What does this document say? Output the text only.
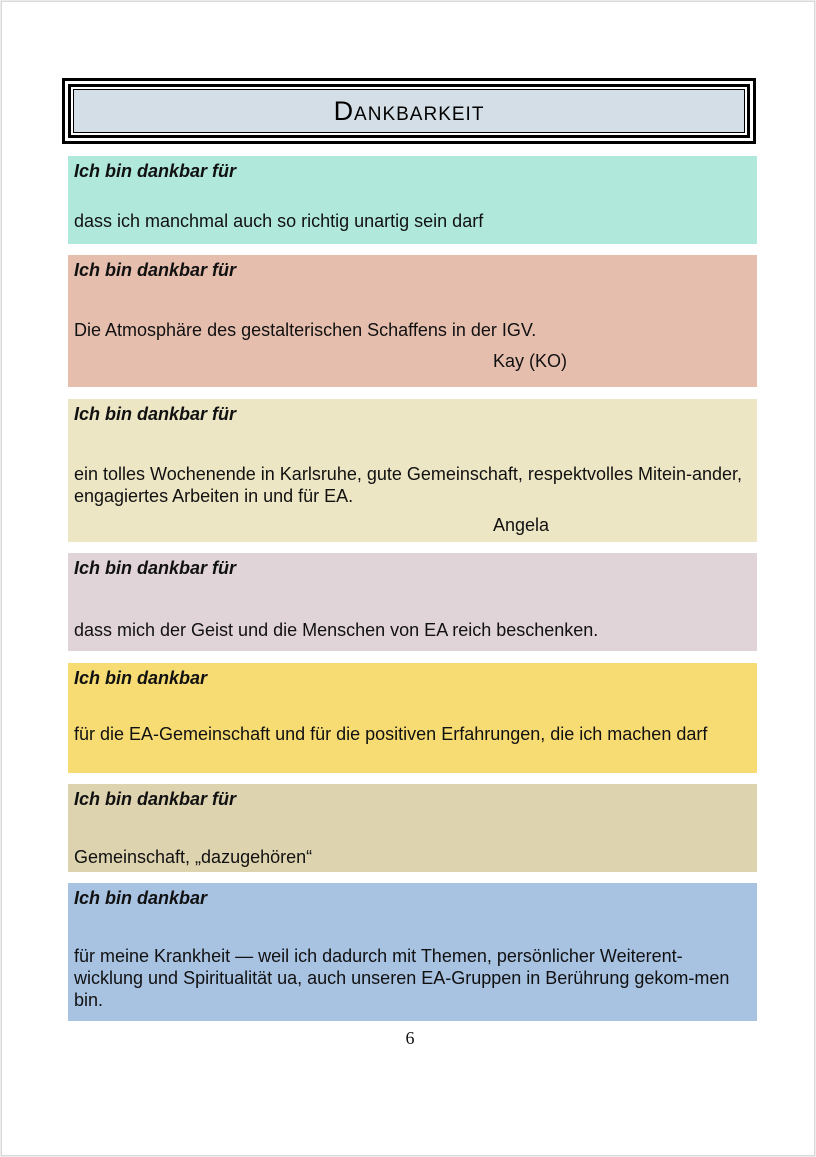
Dankbarkeit
Ich bin dankbar für
dass ich manchmal auch so richtig unartig sein darf
Ich bin dankbar für
Die Atmosphäre des gestalterischen Schaffens in der IGV.
Kay (KO)
Ich bin dankbar für
ein tolles Wochenende in Karlsruhe, gute Gemeinschaft, respektvolles Mitein-ander, engagiertes Arbeiten in und für EA.
Angela
Ich bin dankbar für
dass mich der Geist und die Menschen von EA reich beschenken.
Ich bin dankbar
für die EA-Gemeinschaft und für die positiven Erfahrungen, die ich machen darf
Ich bin dankbar für
Gemeinschaft, „dazugehören“
Ich bin dankbar
für meine Krankheit — weil ich dadurch mit Themen, persönlicher Weiterent-wicklung und Spiritualität ua, auch unseren EA-Gruppen in Berührung gekom-men bin.
6
